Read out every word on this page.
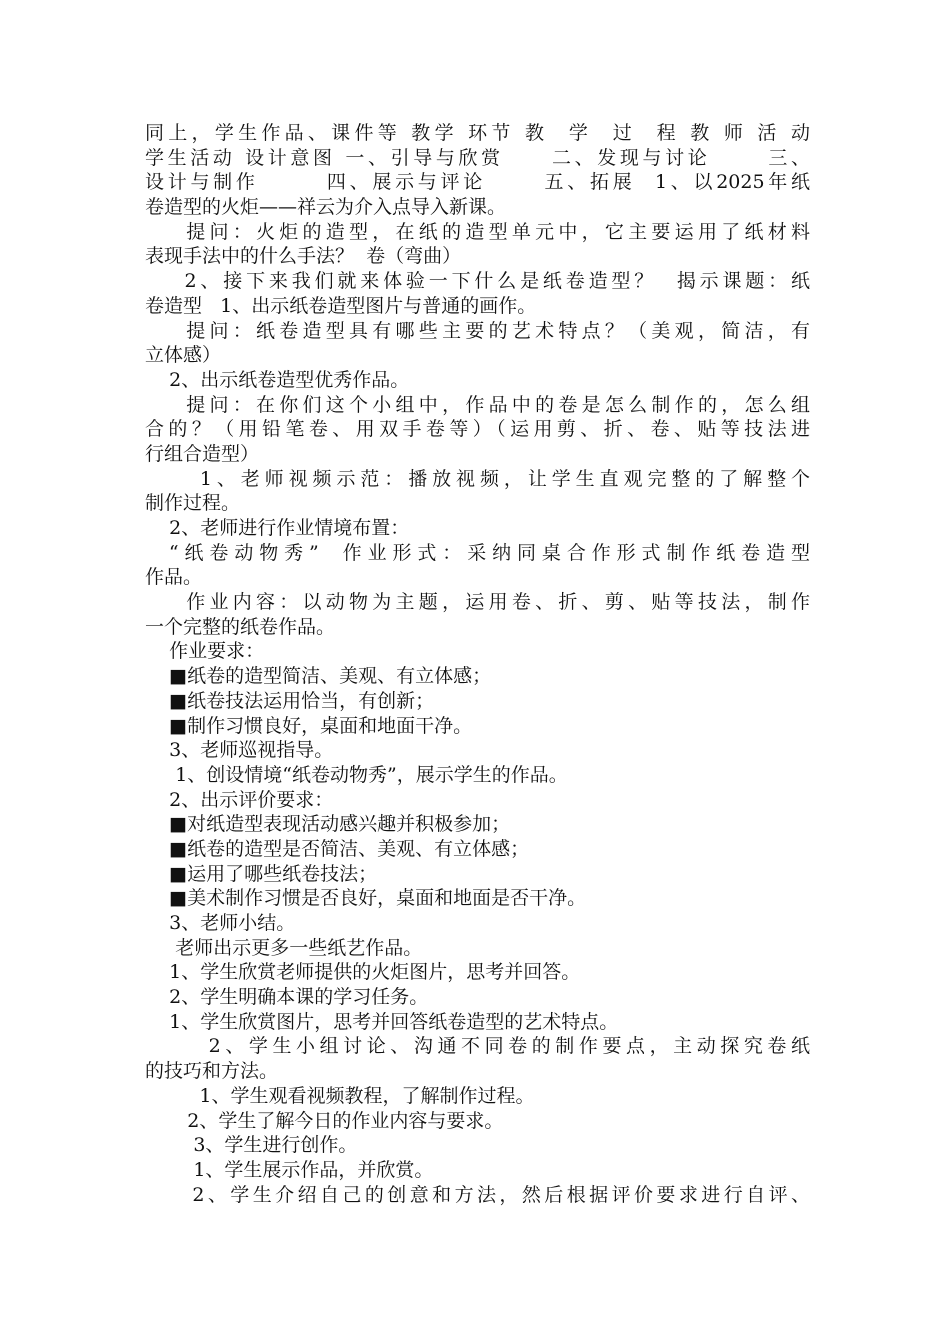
同上，学生作品、课件等 教学 环节 教  学  过  程 教 师 活 动
学生活动 设计意图 一、引导与欣赏     二、发现与讨论      三、
设计与制作       四、展示与评论      五、拓展  1、以2025年纸
卷造型的火炬——祥云为介入点导入新课。
提问：火炬的造型，在纸的造型单元中，它主要运用了纸材料
表现手法中的什么手法？  卷（弯曲）
2、接下来我们就来体验一下什么是纸卷造型？  揭示课题：纸
卷造型   1、出示纸卷造型图片与普通的画作。
提问：纸卷造型具有哪些主要的艺术特点？（美观，简洁，有
立体感）
2、出示纸卷造型优秀作品。
提问：在你们这个小组中，作品中的卷是怎么制作的，怎么组
合的？（用铅笔卷、用双手卷等）（运用剪、折、卷、贴等技法进
行组合造型）
1、老师视频示范：播放视频，让学生直观完整的了解整个
制作过程。
2、老师进行作业情境布置：
“纸卷动物秀”  作业形式：采纳同桌合作形式制作纸卷造型
作品。
作业内容：以动物为主题，运用卷、折、剪、贴等技法，制作
一个完整的纸卷作品。
作业要求：
■纸卷的造型简洁、美观、有立体感；
■纸卷技法运用恰当，有创新；
■制作习惯良好，桌面和地面干净。
3、老师巡视指导。
1、创设情境“纸卷动物秀”，展示学生的作品。
2、出示评价要求：
■对纸造型表现活动感兴趣并积极参加；
■纸卷的造型是否简洁、美观、有立体感；
■运用了哪些纸卷技法；
■美术制作习惯是否良好，桌面和地面是否干净。
3、老师小结。
老师出示更多一些纸艺作品。
1、学生欣赏老师提供的火炬图片，思考并回答。
2、学生明确本课的学习任务。
1、学生欣赏图片，思考并回答纸卷造型的艺术特点。
2、学生小组讨论、沟通不同卷的制作要点，主动探究卷纸
的技巧和方法。
1、学生观看视频教程，了解制作过程。
2、学生了解今日的作业内容与要求。
3、学生进行创作。
1、学生展示作品，并欣赏。
2、学生介绍自己的创意和方法，然后根据评价要求进行自评、
